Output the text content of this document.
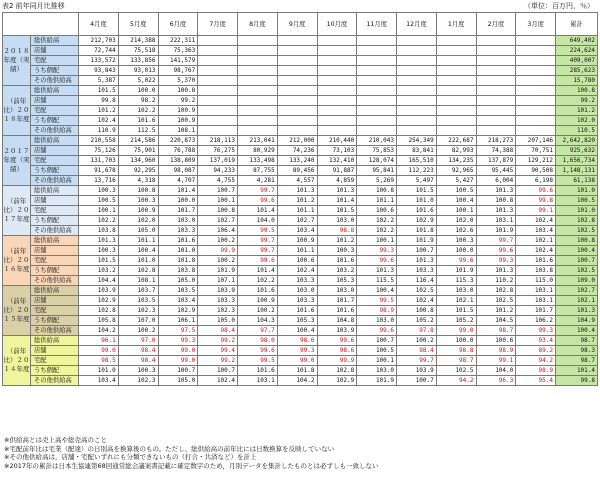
表2 前年同月比推移	（単位：百万円，％）
		4月度	5月度	6月度	7月度	8月度	9月度	10月度	11月度	12月度	1月度	2月度	3月度	累計
２０１８年度（実績）	総供給高	212,703	214,388	222,311										649,402
	店舗	72,744	75,518	75,363										224,624
	宅配	133,572	133,856	141,579										409,007
	うち個配	93,843	93,013	98,767										285,623
	その他供給高	5,387	5,022	5,370										15,780
（前年比）２０１８年度	総供給高	101.5	100.0	100.8										100.8
	店舗	99.8	98.2	99.2										99.2
	宅配	101.2	102.2	100.9										101.2
	うち個配	102.4	101.6	100.9										102.0
	その他供給高	110.9	112.5	108.1										110.5
２０１７年度（実績）	総供給高	210,558	214,586	220,873	218,113	213,041	212,000	210,440	210,043	254,349	222,687	218,273	207,146	2,642,820
	店舗	75,126	75,901	76,788	76,275	80,929	74,236	73,103	75,853	83,841	82,993	74,388	70,751	925,632
	宅配	131,703	134,960	138,809	137,019	133,498	133,240	132,410	128,074	165,510	134,235	137,879	129,212	1,656,734
	うち個配	91,678	92,295	98,087	94,233	87,755	89,456	91,887	95,841	112,223	92,965	95,445	90,508	1,148,131
	その他供給高	13,716	4,318	4,707	4,755	4,281	4,557	4,859	5,269	5,497	5,427	6,004	6,198	61,138
（前年比）２０１７年度	総供給高	100.3	100.8	101.4	100.7	99.7	101.3	101.3	100.8	101.5	100.5	101.3	99.6	101.0
	店舗	100.5	100.3	100.0	100.1	99.6	101.2	101.4	101.1	101.0	100.4	100.8	99.8	100.5
	宅配	100.1	100.9	101.7	100.8	101.4	101.1	101.5	100.6	101.6	100.1	101.3	99.1	101.0
	うち個配	102.2	102.0	103.0	102.7	104.0	102.7	103.0	102.2	102.9	102.0	103.1	102.4	102.8
	その他供給高	103.8	105.0	103.3	106.4	99.5	103.4	98.8	102.2	101.8	102.6	101.9	103.4	102.5
（前年比）２０１６年度	総供給高	101.3	101.1	101.6	100.2	99.7	100.9	101.2	100.1	101.9	100.3	99.7	102.1	100.8
	店舗	100.3	100.4	101.0	99.9	99.7	101.1	100.3	99.3	100.7	100.0	99.6	102.4	100.4
	宅配	101.5	101.0	101.8	100.2	99.6	100.6	101.6	99.6	101.3	99.6	99.3	101.6	100.7
	うち個配	103.2	102.8	103.8	101.9	101.4	102.4	103.2	101.3	103.3	101.9	101.3	103.8	102.5
	その他供給高	104.4	108.1	105.0	107.1	102.2	103.3	105.3	115.5	116.4	115.3	110.2	115.0	109.0
（前年比）２０１５年度	総供給高	103.9	103.7	103.5	103.9	101.6	103.0	103.0	100.4	102.5	103.0	102.8	103.1	102.7
	店舗	102.9	103.5	103.4	103.3	100.9	103.3	101.7	99.5	102.4	102.1	102.5	103.1	102.1
	宅配	102.8	102.3	102.9	102.3	100.2	101.6	101.6	98.9	100.8	101.5	101.2	101.7	101.3
	うち個配	105.8	107.0	106.1	105.0	104.3	105.3	104.8	103.0	105.2	105.2	104.5	106.2	104.9
	その他供給高	104.2	100.2	97.5	98.4	97.7	100.4	103.9	99.6	97.8	99.0	98.7	99.3	100.4
（前年比）２０１４年度	総供給高	96.1	97.0	99.3	99.2	98.0	98.6	99.6	100.7	100.2	100.0	100.6	93.4	98.7
	店舗	99.0	98.4	99.0	99.4	99.6	99.3	98.6	100.5	98.4	98.8	98.9	89.2	98.3
	宅配	98.5	98.4	99.0	99.2	99.5	99.0	99.9	100.1	99.7	98.7	99.1	94.2	98.7
	うち個配	101.0	100.3	100.7	100.7	101.6	101.8	102.8	103.0	103.9	102.5	104.0	98.9	101.4
	その他供給高	103.4	102.3	105.0	102.4	103.1	104.2	102.9	101.9	100.7	94.2	96.3	95.4	99.8
※供給高とは売上高や総売高のこと
※宅配前年比は宅業（配達）の日別高を換算後のもの。ただし、総供給高の前年比には日数換算を反映していない
※その他供給高は，店舗・宅配いずれにも分類できないもの（打合・共済など）を計上
※2017年の累計は日本生協連第68回通常総会議案書記載に確定数字のため，月別データを集計したものとは必ずしも一致しない
